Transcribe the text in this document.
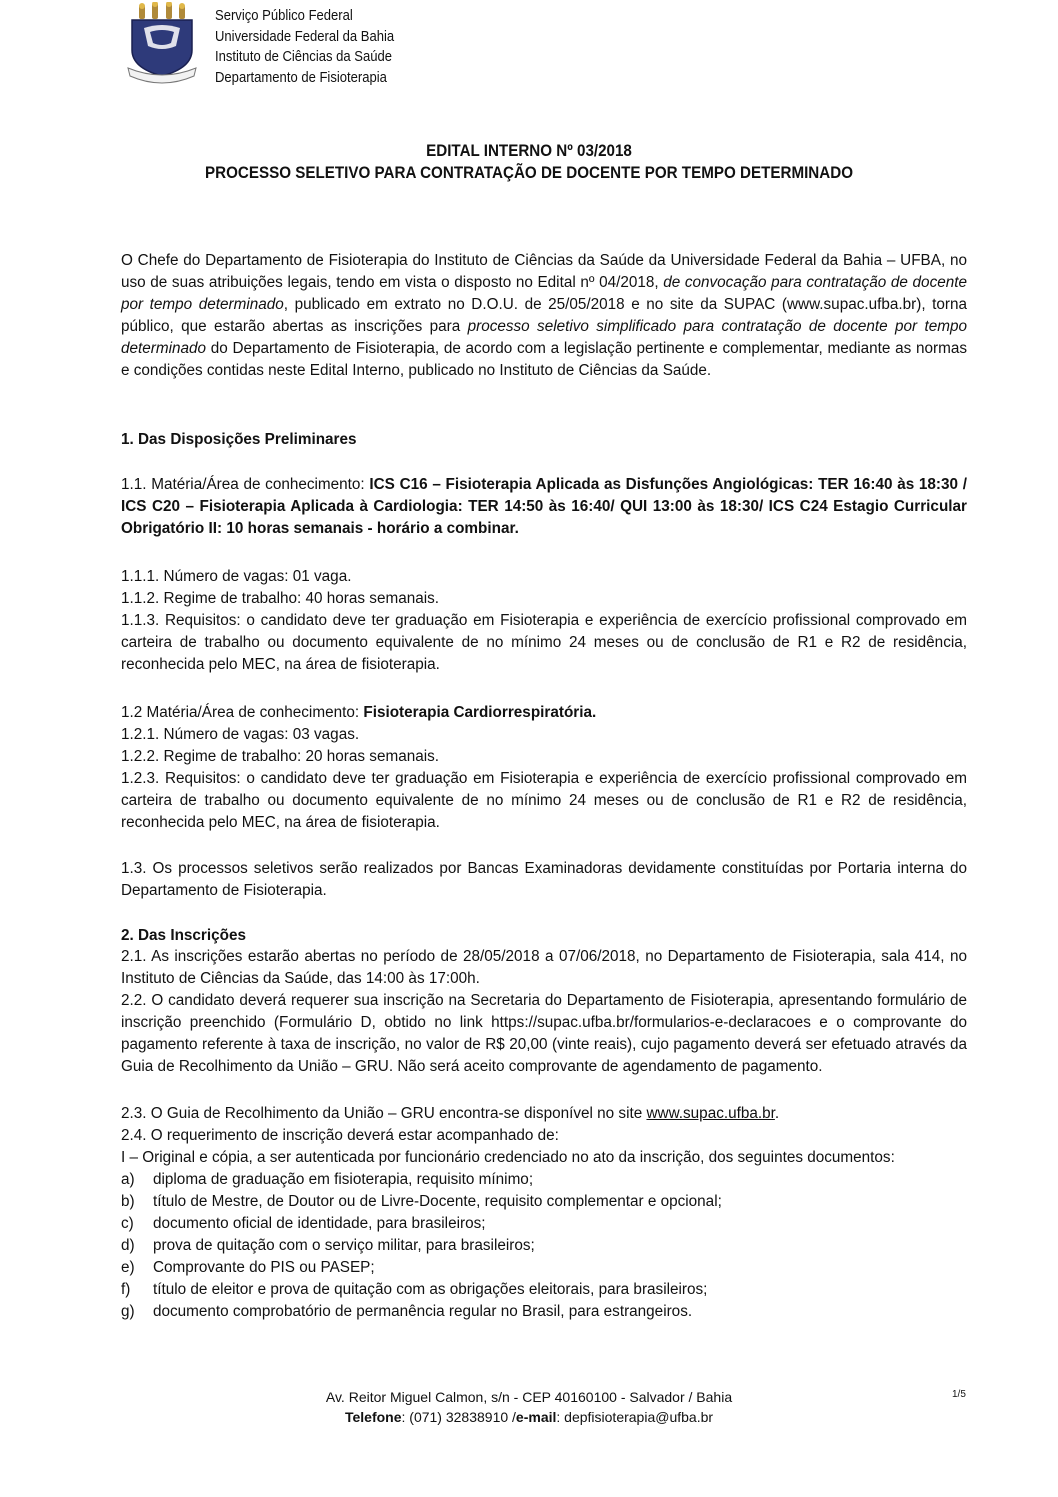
Serviço Público Federal
Universidade Federal da Bahia
Instituto de Ciências da Saúde
Departamento de Fisioterapia
EDITAL INTERNO Nº 03/2018
PROCESSO SELETIVO PARA CONTRATAÇÃO DE DOCENTE POR TEMPO DETERMINADO

O Chefe do Departamento de Fisioterapia do Instituto de Ciências da Saúde da Universidade Federal da Bahia – UFBA, no uso de suas atribuições legais, tendo em vista o disposto no Edital nº 04/2018, de convocação para contratação de docente por tempo determinado, publicado em extrato no D.O.U. de 25/05/2018 e no site da SUPAC (www.supac.ufba.br), torna público, que estarão abertas as inscrições para processo seletivo simplificado para contratação de docente por tempo determinado do Departamento de Fisioterapia, de acordo com a legislação pertinente e complementar, mediante as normas e condições contidas neste Edital Interno, publicado no Instituto de Ciências da Saúde.

1. Das Disposições Preliminares

1.1. Matéria/Área de conhecimento: ICS C16 – Fisioterapia Aplicada as Disfunções Angiológicas: TER 16:40 às 18:30 / ICS C20 – Fisioterapia Aplicada à Cardiologia: TER 14:50 às 16:40/ QUI 13:00 às 18:30/ ICS C24 Estagio Curricular Obrigatório II: 10 horas semanais - horário a combinar.

1.1.1. Número de vagas: 01 vaga.

1.1.2. Regime de trabalho: 40 horas semanais.

1.1.3. Requisitos: o candidato deve ter graduação em Fisioterapia e experiência de exercício profissional comprovado em carteira de trabalho ou documento equivalente de no mínimo 24 meses ou de conclusão de R1 e R2 de residência, reconhecida pelo MEC, na área de fisioterapia.

1.2 Matéria/Área de conhecimento: Fisioterapia Cardiorrespiratória.

1.2.1. Número de vagas: 03 vagas.

1.2.2. Regime de trabalho: 20 horas semanais.

1.2.3. Requisitos: o candidato deve ter graduação em Fisioterapia e experiência de exercício profissional comprovado em carteira de trabalho ou documento equivalente de no mínimo 24 meses ou de conclusão de R1 e R2 de residência, reconhecida pelo MEC, na área de fisioterapia.

1.3. Os processos seletivos serão realizados por Bancas Examinadoras devidamente constituídas por Portaria interna do Departamento de Fisioterapia.

2. Das Inscrições

2.1. As inscrições estarão abertas no período de 28/05/2018 a 07/06/2018, no Departamento de Fisioterapia, sala 414, no Instituto de Ciências da Saúde, das 14:00 às 17:00h.

2.2. O candidato deverá requerer sua inscrição na Secretaria do Departamento de Fisioterapia, apresentando formulário de inscrição preenchido (Formulário D, obtido no link https://supac.ufba.br/formularios-e-declaracoes e o comprovante do pagamento referente à taxa de inscrição, no valor de R$ 20,00 (vinte reais), cujo pagamento deverá ser efetuado através da Guia de Recolhimento da União – GRU. Não será aceito comprovante de agendamento de pagamento.

2.3. O Guia de Recolhimento da União – GRU encontra-se disponível no site www.supac.ufba.br.

2.4. O requerimento de inscrição deverá estar acompanhado de:

I – Original e cópia, a ser autenticada por funcionário credenciado no ato da inscrição, dos seguintes documentos:

a)	diploma de graduação em fisioterapia, requisito mínimo;
b)	título de Mestre, de Doutor ou de Livre-Docente, requisito complementar e opcional;
c)	documento oficial de identidade, para brasileiros;
d)	prova de quitação com o serviço militar, para brasileiros;
e)	Comprovante do PIS ou PASEP;
f)	título de eleitor e prova de quitação com as obrigações eleitorais, para brasileiros;
g)	documento comprobatório de permanência regular no Brasil, para estrangeiros.
Av. Reitor Miguel Calmon, s/n - CEP 40160100 - Salvador / Bahia
Telefone: (071) 32838910 /e-mail: depfisioterapia@ufba.br
1/5
